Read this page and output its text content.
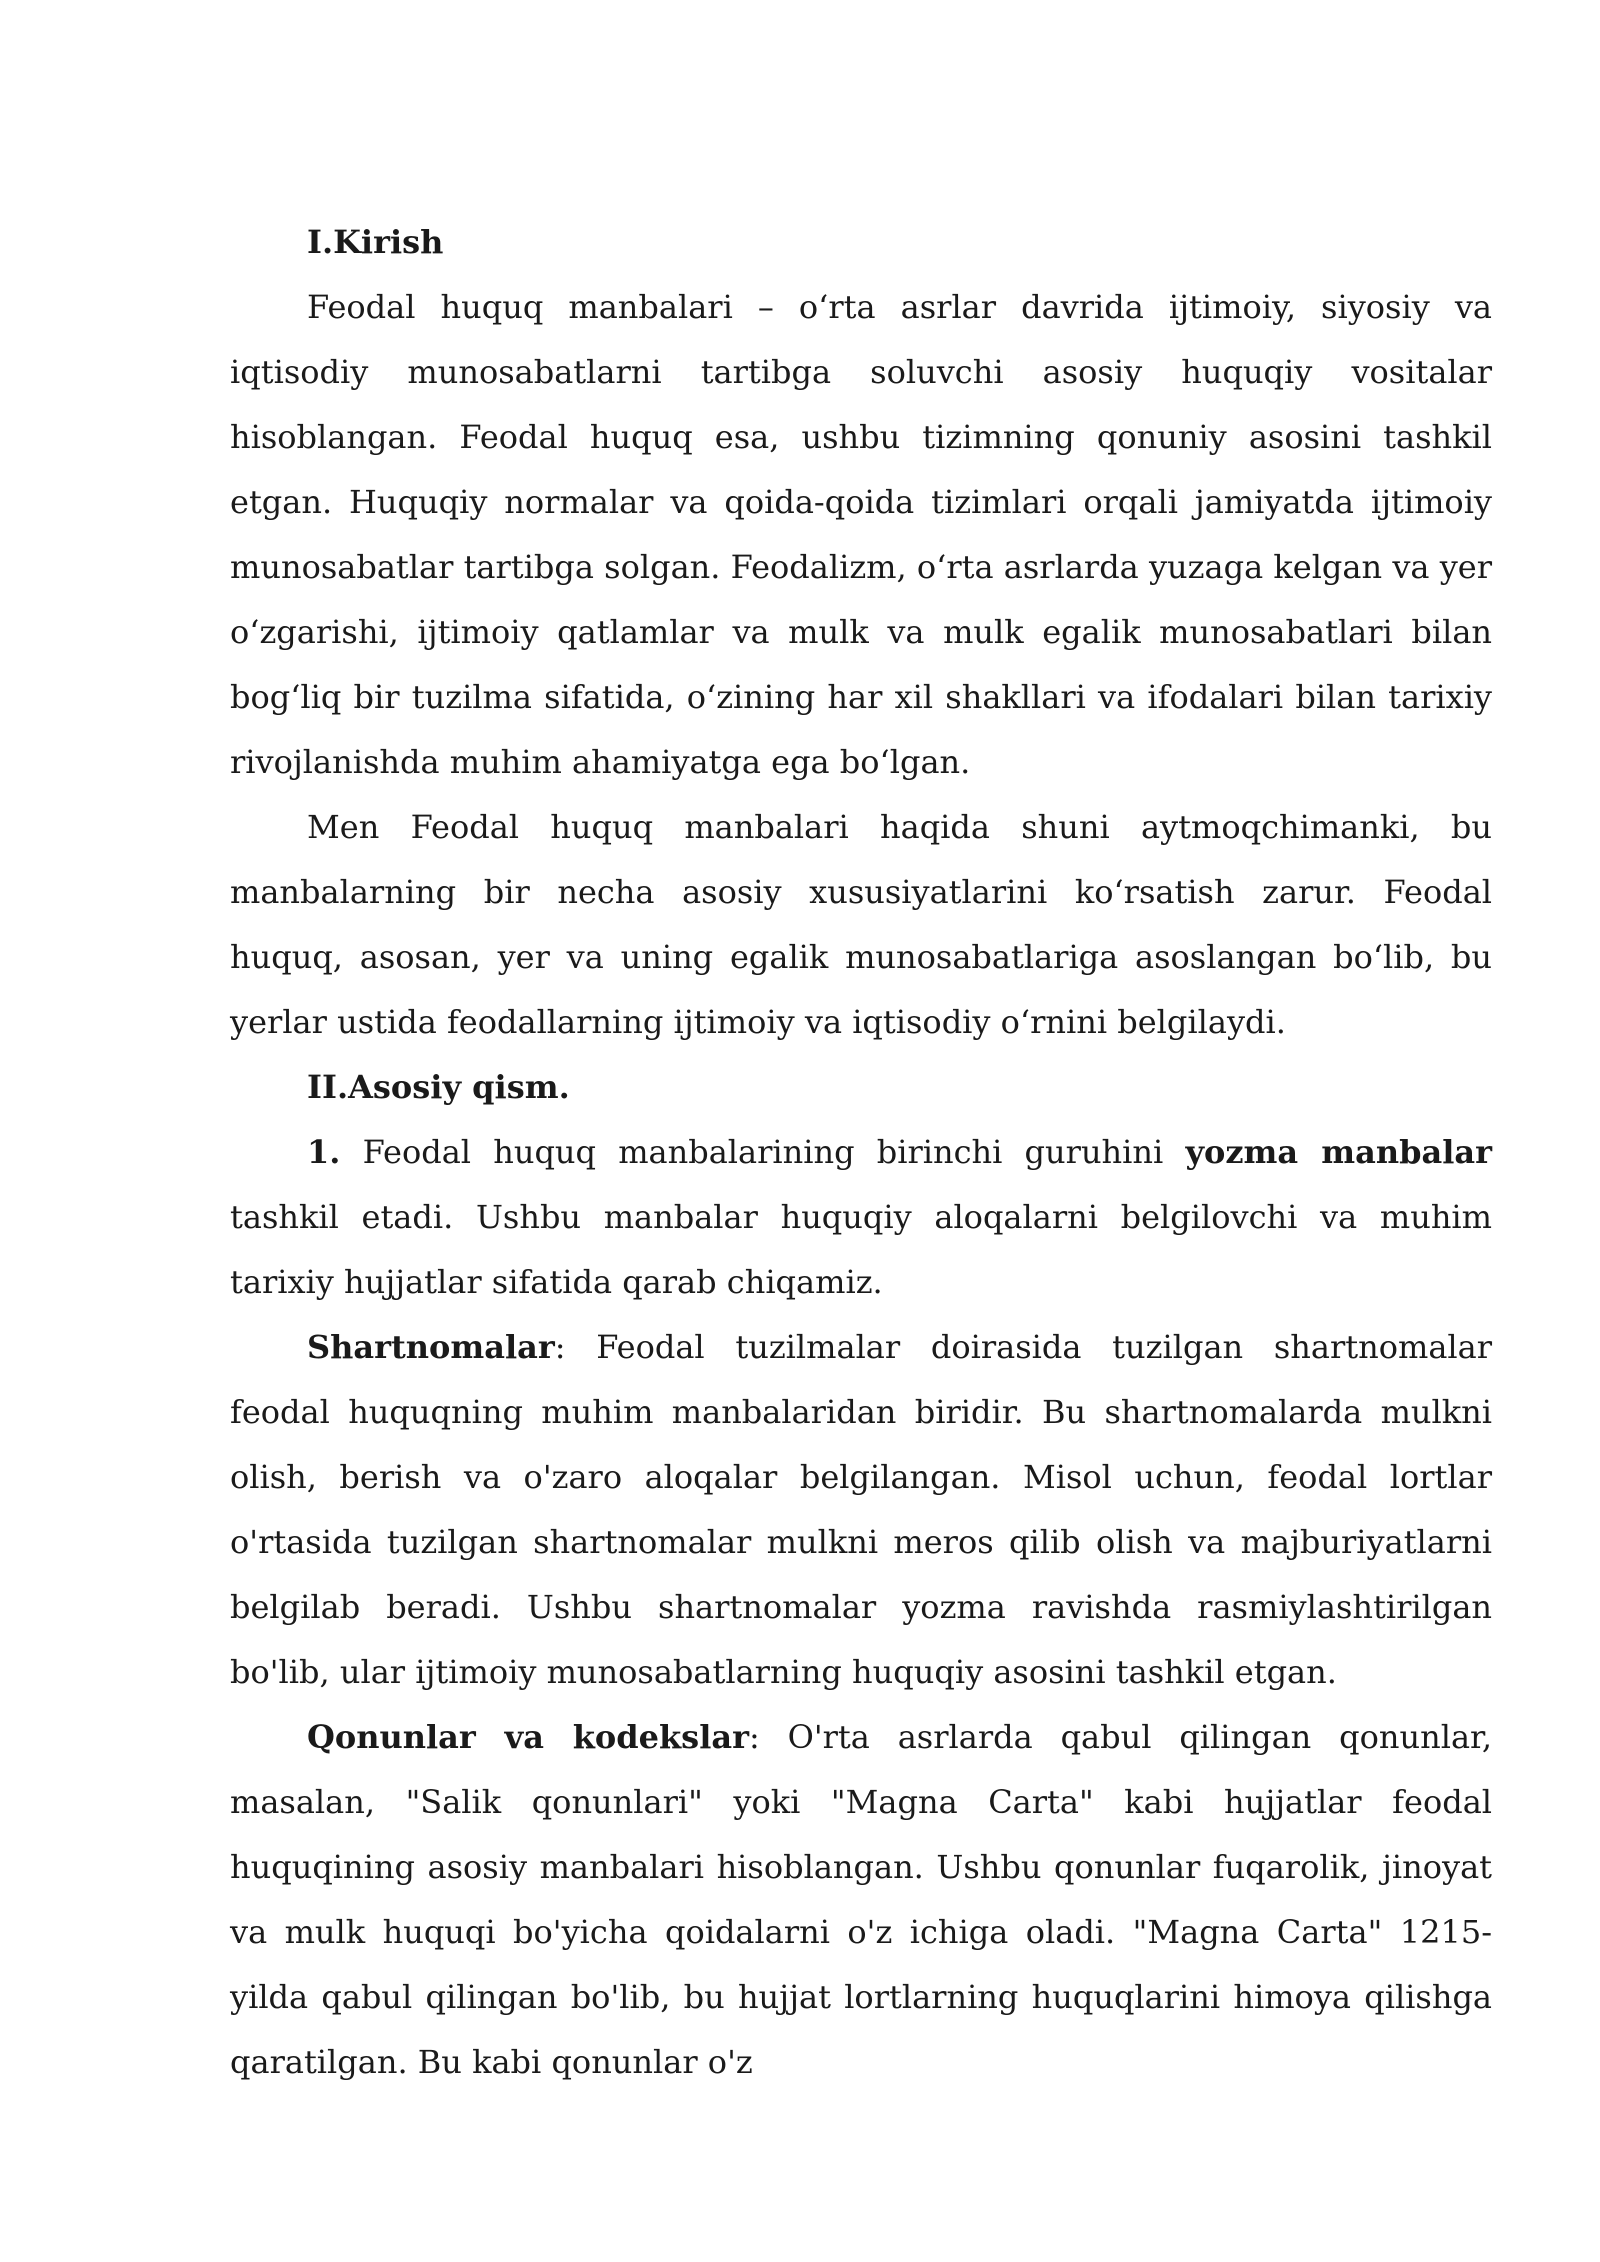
I.Kirish

Feodal huquq manbalari – o‘rta asrlar davrida ijtimoiy, siyosiy va iqtisodiy munosabatlarni tartibga soluvchi asosiy huquqiy vositalar hisoblangan. Feodal huquq esa, ushbu tizimning qonuniy asosini tashkil etgan. Huquqiy normalar va qoida-qoida tizimlari orqali jamiyatda ijtimoiy munosabatlar tartibga solgan. Feodalizm, o‘rta asrlarda yuzaga kelgan va yer o‘zgarishi, ijtimoiy qatlamlar va mulk va mulk egalik munosabatlari bilan bog‘liq bir tuzilma sifatida, o‘zining har xil shakllari va ifodalari bilan tarixiy rivojlanishda muhim ahamiyatga ega bo‘lgan.

Men Feodal huquq manbalari haqida shuni aytmoqchimanki, bu manbalarning bir necha asosiy xususiyatlarini ko‘rsatish zarur. Feodal huquq, asosan, yer va uning egalik munosabatlariga asoslangan bo‘lib, bu yerlar ustida feodallarning ijtimoiy va iqtisodiy o‘rnini belgilaydi.

II.Asosiy qism.

1. Feodal huquq manbalarining birinchi guruhini yozma manbalar tashkil etadi. Ushbu manbalar huquqiy aloqalarni belgilovchi va muhim tarixiy hujjatlar sifatida qarab chiqamiz.

Shartnomalar: Feodal tuzilmalar doirasida tuzilgan shartnomalar feodal huquqning muhim manbalaridan biridir. Bu shartnomalarda mulkni olish, berish va o'zaro aloqalar belgilangan. Misol uchun, feodal lortlar o'rtasida tuzilgan shartnomalar mulkni meros qilib olish va majburiyatlarni belgilab beradi. Ushbu shartnomalar yozma ravishda rasmiylashtirilgan bo'lib, ular ijtimoiy munosabatlarning huquqiy asosini tashkil etgan.

Qonunlar va kodekslar: O'rta asrlarda qabul qilingan qonunlar, masalan, "Salik qonunlari" yoki "Magna Carta" kabi hujjatlar feodal huquqining asosiy manbalari hisoblangan. Ushbu qonunlar fuqarolik, jinoyat va mulk huquqi bo'yicha qoidalarni o'z ichiga oladi. "Magna Carta" 1215-yilda qabul qilingan bo'lib, bu hujjat lortlarning huquqlarini himoya qilishga qaratilgan. Bu kabi qonunlar o'z
